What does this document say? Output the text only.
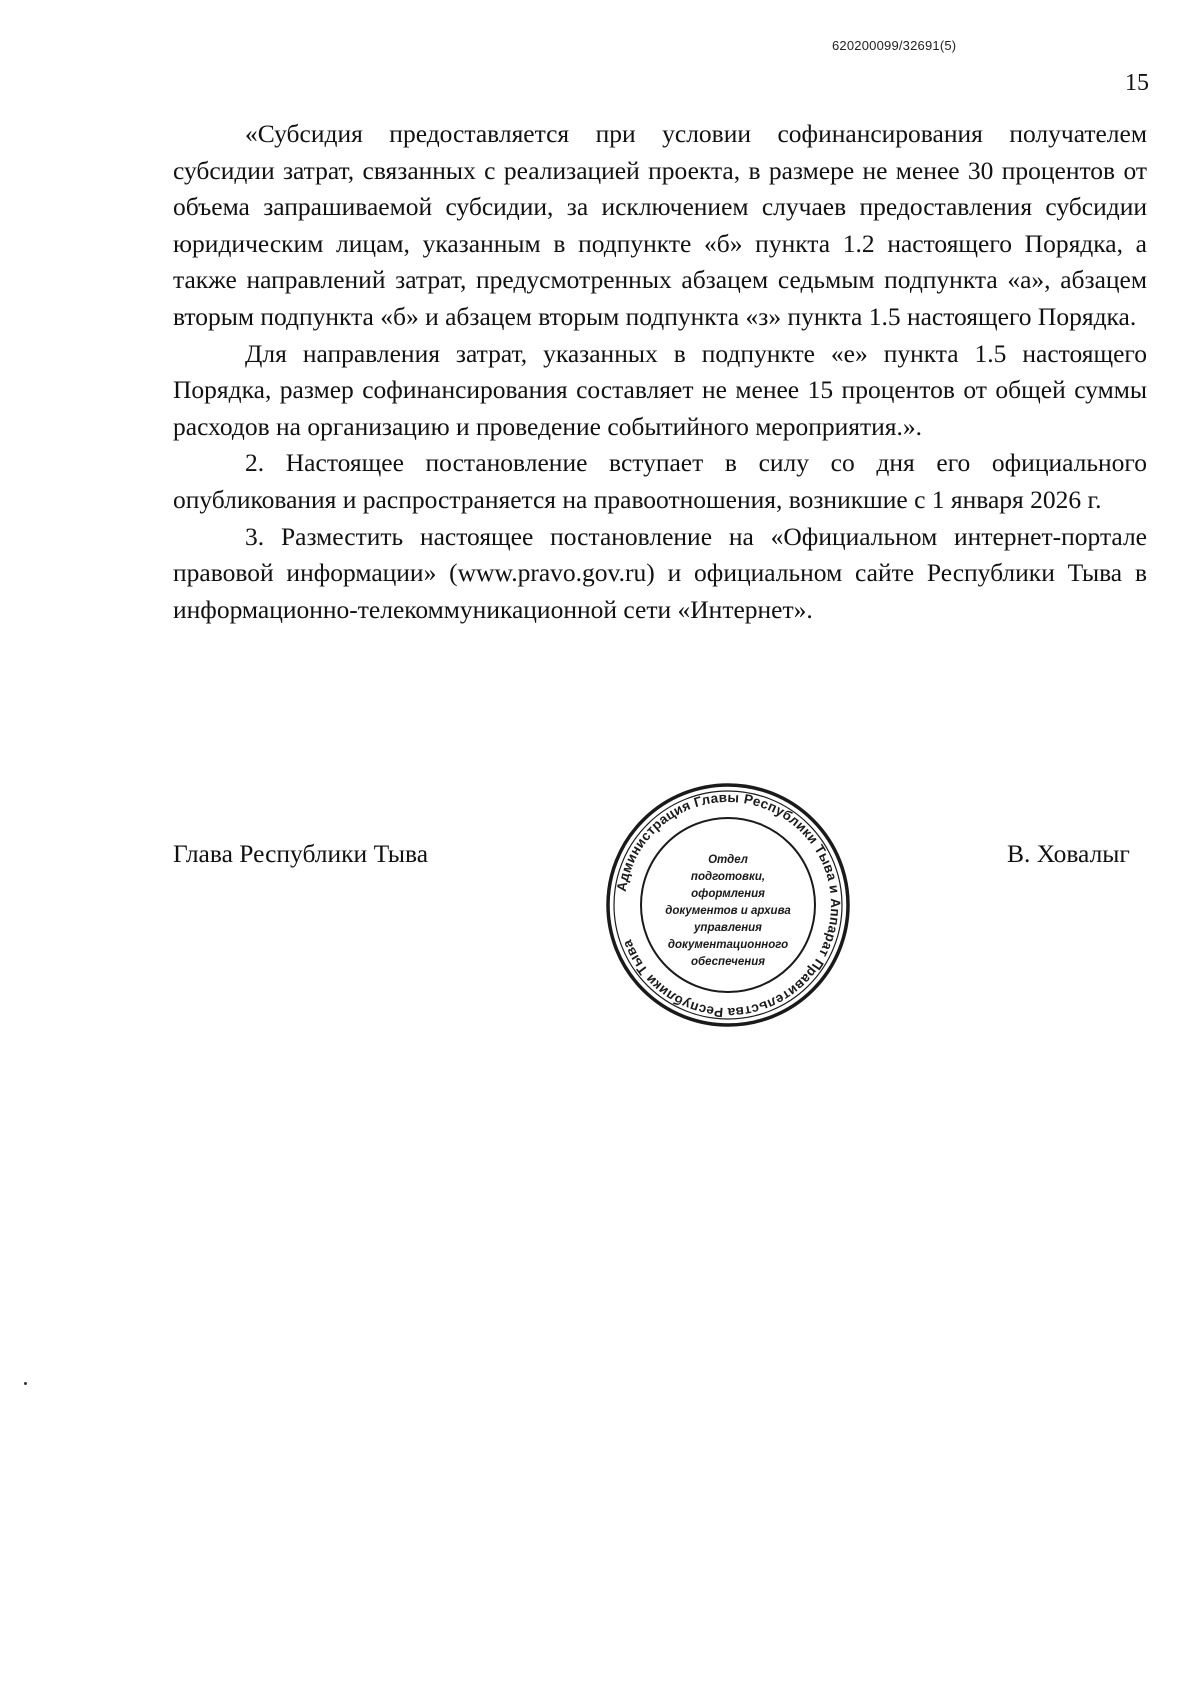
620200099/32691(5)
15

«Субсидия предоставляется при условии софинансирования получателем субсидии затрат, связанных с реализацией проекта, в размере не менее 30 процентов от объема запрашиваемой субсидии, за исключением случаев предоставления субсидии юридическим лицам, указанным в подпункте «б» пункта 1.2 настоящего Порядка, а также направлений затрат, предусмотренных абзацем седьмым подпункта «а», абзацем вторым подпункта «б» и абзацем вторым подпункта «з» пункта 1.5 настоящего Порядка.

Для направления затрат, указанных в подпункте «е» пункта 1.5 настоящего Порядка, размер софинансирования составляет не менее 15 процентов от общей суммы расходов на организацию и проведение событийного мероприятия.».

2. Настоящее постановление вступает в силу со дня его официального опубликования и распространяется на правоотношения, возникшие с 1 января 2026 г.

3. Разместить настоящее постановление на «Официальном интернет-портале правовой информации» (www.pravo.gov.ru) и официальном сайте Республики Тыва в информационно-телекоммуникационной сети «Интернет».

Глава Республики Тыва	В. Ховалыг
Администрация Главы Республики Тыва и Аппарат Правительства Республики Тыва
Отдел
подготовки,
оформления
документов и архива
управления
документационного
обеспечения
